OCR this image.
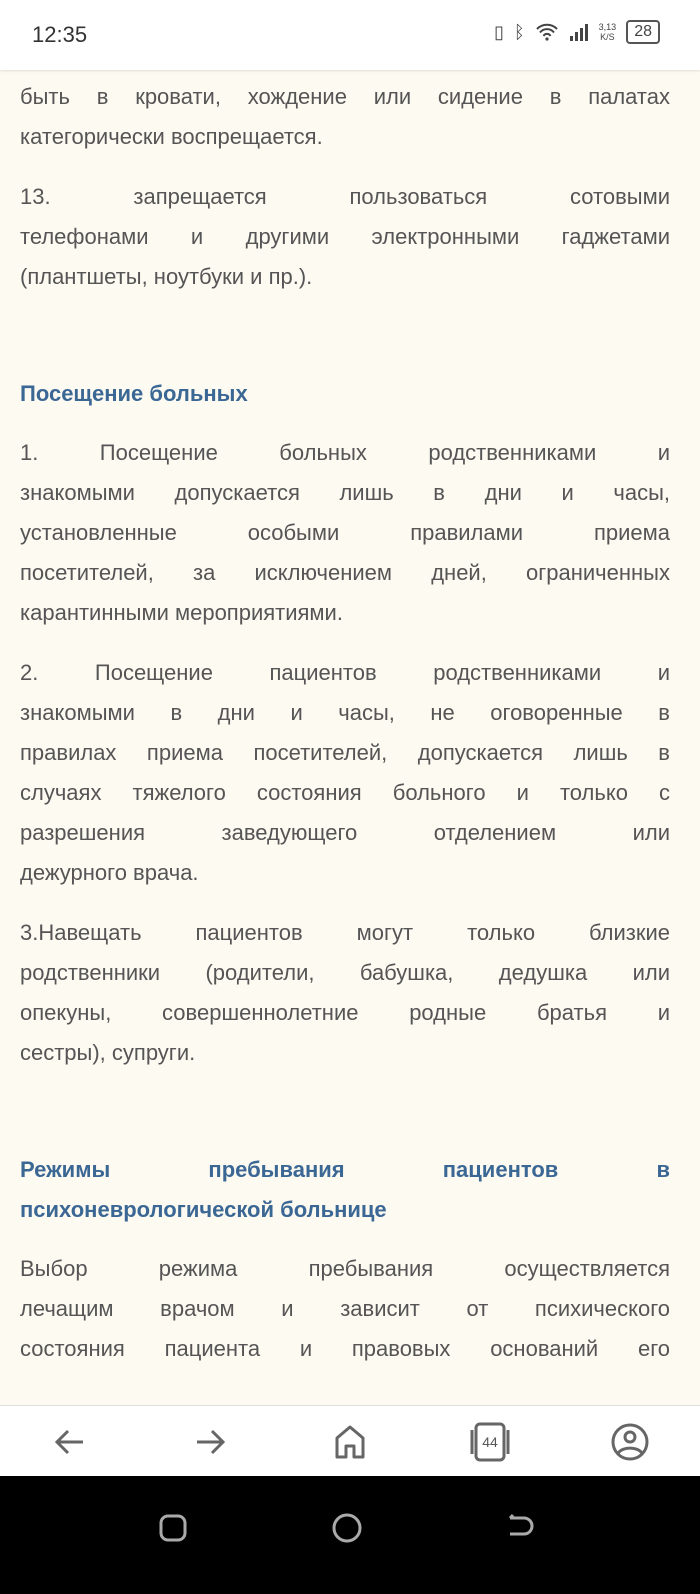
12:35	▯ ᛒ	3,13
K/S	28
быть в кровати, хождение или сидение в палатах
категорически воспрещается.
13. запрещается пользоваться сотовыми
телефонами и другими электронными гаджетами
(плантшеты, ноутбуки и пр.).
Посещение больных
1. Посещение больных родственниками и
знакомыми допускается лишь в дни и часы,
установленные особыми правилами приема
посетителей, за исключением дней, ограниченных
карантинными мероприятиями.
2. Посещение пациентов родственниками и
знакомыми в дни и часы, не оговоренные в
правилах приема посетителей, допускается лишь в
случаях тяжелого состояния больного и только с
разрешения заведующего отделением или
дежурного врача.
3.Навещать пациентов могут только близкие
родственники (родители, бабушка, дедушка или
опекуны, совершеннолетние родные братья и
сестры), супруги.
Режимы пребывания пациентов в
психоневрологической больнице
Выбор режима пребывания осуществляется
лечащим врачом и зависит от психического
состояния пациента и правовых оснований его
44
